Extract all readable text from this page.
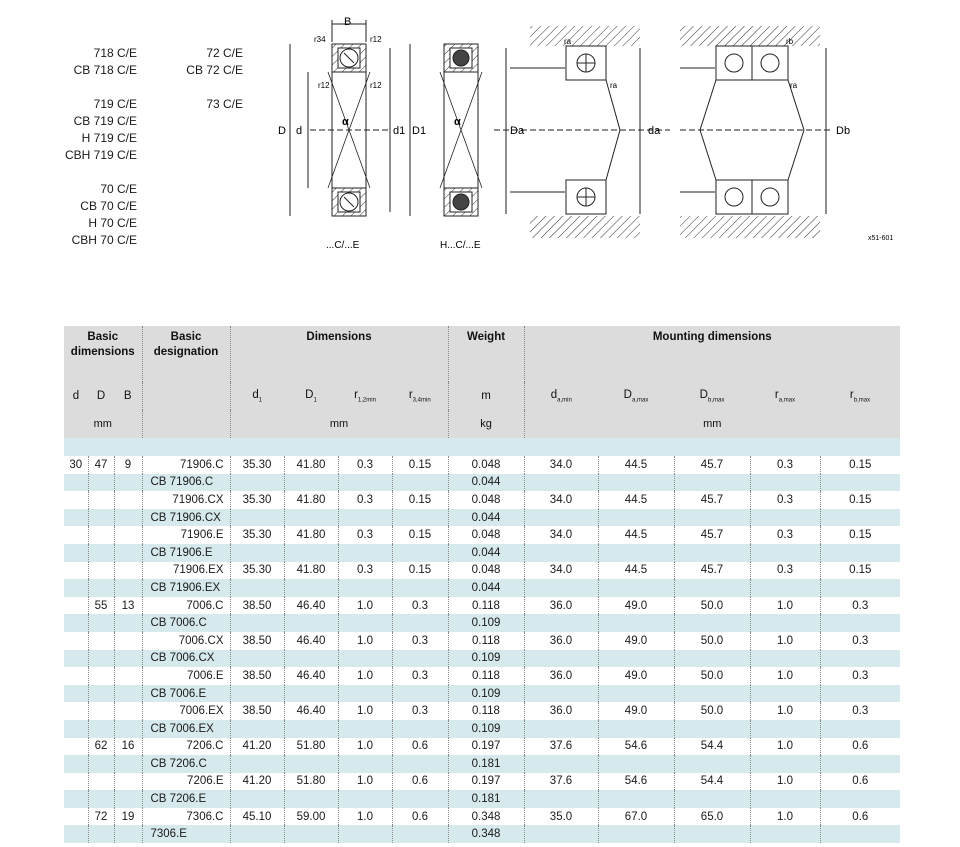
718 C/E
CB 718 C/E

719 C/E
CB 719 C/E
H 719 C/E
CBH 719 C/E

70 C/E
CB 70 C/E
H 70 C/E
CBH 70 C/E
72 C/E
CB 72 C/E

73 C/E
B
r34	r12
r12	r12
D d
α
d1 D1
...C/...E
α
H...C/...E
ra
ra
Da	da
rb
ra
Db
x51-601
Basic
dimensions			Basic
designation	Dimensions				Weight	Mounting dimensions				
d	D	B		$d_1$	$D_1$	$r_{1,2min}$	$r_{3,4min}$	m	$d_{a,min}$	$D_{a,max}$	$D_{b,max}$	$r_{a,max}$	$r_{b,max}$
mm				mm				kg	mm				

30	47	9	71906.C	35.30	41.80	0.3	0.15	0.048	34.0	44.5	45.7	0.3	0.15
			CB 71906.C					0.044					
			71906.CX	35.30	41.80	0.3	0.15	0.048	34.0	44.5	45.7	0.3	0.15
			CB 71906.CX					0.044					
			71906.E	35.30	41.80	0.3	0.15	0.048	34.0	44.5	45.7	0.3	0.15
			CB 71906.E					0.044					
			71906.EX	35.30	41.80	0.3	0.15	0.048	34.0	44.5	45.7	0.3	0.15
			CB 71906.EX					0.044					
	55	13	7006.C	38.50	46.40	1.0	0.3	0.118	36.0	49.0	50.0	1.0	0.3
			CB 7006.C					0.109					
			7006.CX	38.50	46.40	1.0	0.3	0.118	36.0	49.0	50.0	1.0	0.3
			CB 7006.CX					0.109					
			7006.E	38.50	46.40	1.0	0.3	0.118	36.0	49.0	50.0	1.0	0.3
			CB 7006.E					0.109					
			7006.EX	38.50	46.40	1.0	0.3	0.118	36.0	49.0	50.0	1.0	0.3
			CB 7006.EX					0.109					
	62	16	7206.C	41.20	51.80	1.0	0.6	0.197	37.6	54.6	54.4	1.0	0.6
			CB 7206.C					0.181					
			7206.E	41.20	51.80	1.0	0.6	0.197	37.6	54.6	54.4	1.0	0.6
			CB 7206.E					0.181					
	72	19	7306.C	45.10	59.00	1.0	0.6	0.348	35.0	67.0	65.0	1.0	0.6
			7306.E					0.348					
